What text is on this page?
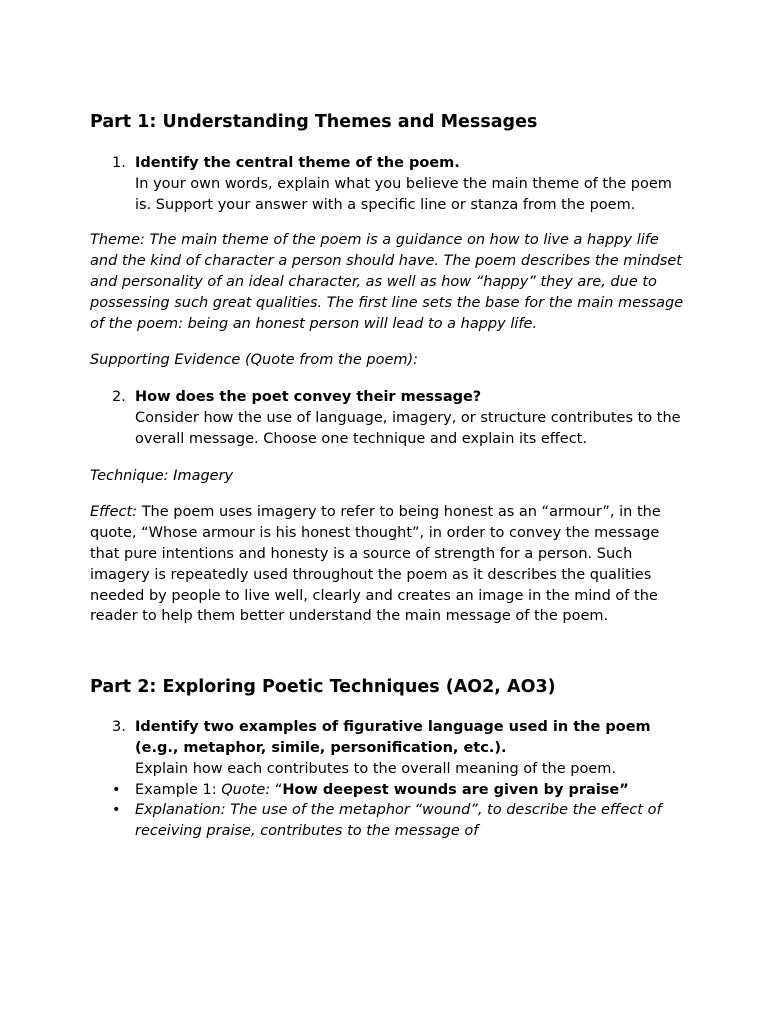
Part 1: Understanding Themes and Messages
1. Identify the central theme of the poem.

In your own words, explain what you believe the main theme of the poem is. Support your answer with a specific line or stanza from the poem.

Theme: The main theme of the poem is a guidance on how to live a happy life and the kind of character a person should have. The poem describes the mindset and personality of an ideal character, as well as how “happy” they are, due to possessing such great qualities. The first line sets the base for the main message of the poem: being an honest person will lead to a happy life.

Supporting Evidence (Quote from the poem):

2. How does the poet convey their message?

Consider how the use of language, imagery, or structure contributes to the overall message. Choose one technique and explain its effect.

Technique: Imagery

Effect: The poem uses imagery to refer to being honest as an “armour”, in the quote, “Whose armour is his honest thought”, in order to convey the message that pure intentions and honesty is a source of strength for a person. Such imagery is repeatedly used throughout the poem as it describes the qualities needed by people to live well, clearly and creates an image in the mind of the reader to help them better understand the main message of the poem.

Part 2: Exploring Poetic Techniques (AO2, AO3)
3. Identify two examples of figurative language used in the poem (e.g., metaphor, simile, personification, etc.).

Explain how each contributes to the overall meaning of the poem.

• Example 1: Quote: “How deepest wounds are given by praise”
• Explanation: The use of the metaphor “wound”, to describe the effect of receiving praise, contributes to the message of
